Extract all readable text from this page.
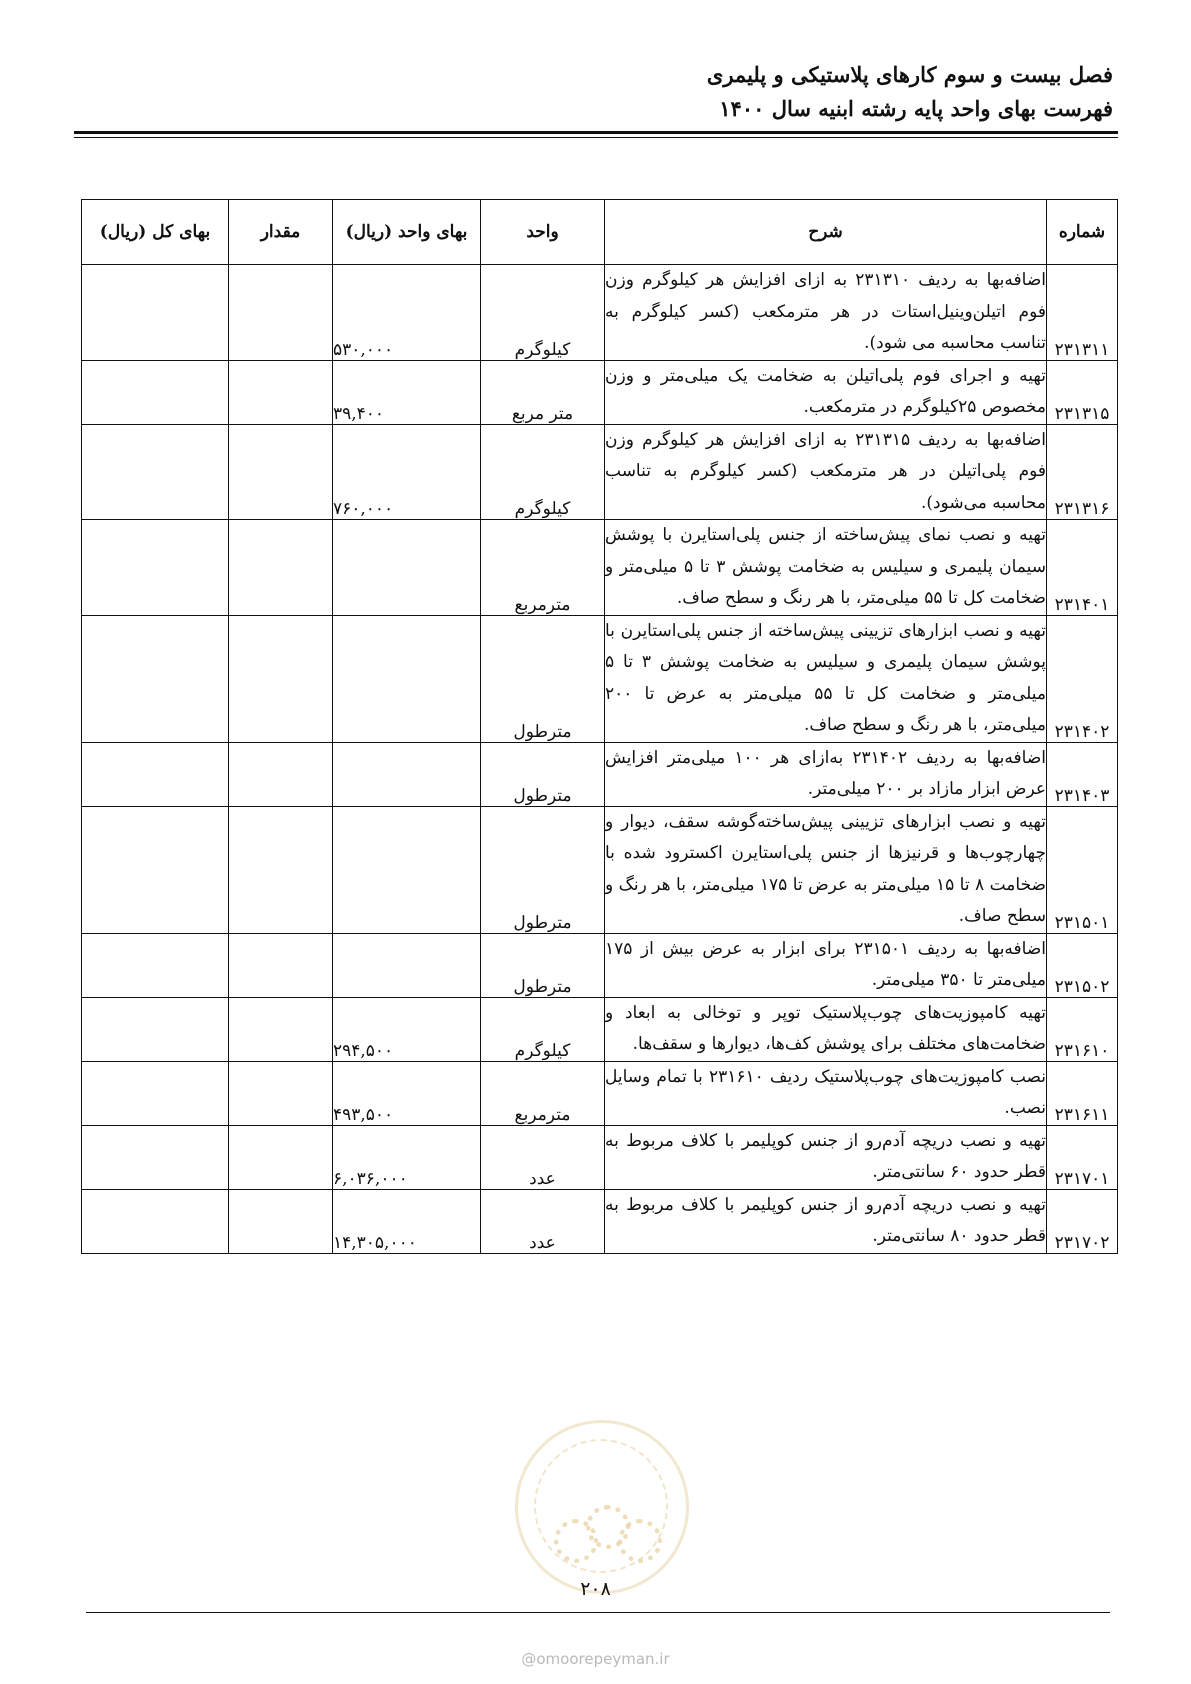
فصل بیست و سوم کارهای پلاستیکی و پلیمری
فهرست بهای واحد پایه رشته ابنیه سال ۱۴۰۰
شماره	شرح	واحد	بهای واحد (ریال)	مقدار	بهای کل (ریال)
۲۳۱۳۱۱	اضافه‌بها به ردیف ۲۳۱۳۱۰ به ازای افزایش هر کیلوگرم وزن فوم اتیلن‌وینیل‌استات در هر مترمکعب (کسر کیلوگرم به تناسب محاسبه می شود).	کیلوگرم	۵۳۰,۰۰۰		
۲۳۱۳۱۵	تهیه و اجرای فوم پلی‌اتیلن به ضخامت یک میلی‌متر و وزن مخصوص ۲۵کیلوگرم در مترمکعب.	متر مربع	۳۹,۴۰۰		
۲۳۱۳۱۶	اضافه‌بها به ردیف ۲۳۱۳۱۵ به ازای افزایش هر کیلوگرم وزن فوم پلی‌اتیلن در هر مترمکعب (کسر کیلوگرم به تناسب محاسبه می‌شود).	کیلوگرم	۷۶۰,۰۰۰		
۲۳۱۴۰۱	تهیه و نصب نمای پیش‌ساخته از جنس پلی‌استایرن با پوشش سیمان پلیمری و سیلیس به ضخامت پوشش ۳ تا ۵ میلی‌متر و ضخامت کل تا ۵۵ میلی‌متر، با هر رنگ و سطح صاف.	مترمربع			
۲۳۱۴۰۲	تهیه و نصب ابزارهای تزیینی پیش‌ساخته از جنس پلی‌استایرن با پوشش سیمان پلیمری و سیلیس به ضخامت پوشش ۳ تا ۵ میلی‌متر و ضخامت کل تا ۵۵ میلی‌متر به عرض تا ۲۰۰ میلی‌متر، با هر رنگ و سطح صاف.	مترطول			
۲۳۱۴۰۳	اضافه‌بها به ردیف ۲۳۱۴۰۲ به‌ازای هر ۱۰۰ میلی‌متر افزایش عرض ابزار مازاد بر ۲۰۰ میلی‌متر.	مترطول			
۲۳۱۵۰۱	تهیه و نصب ابزارهای تزیینی پیش‌ساخته‌گوشه سقف، دیوار و چهارچوب‌ها و قرنیزها از جنس پلی‌استایرن اکسترود شده با ضخامت ۸ تا ۱۵ میلی‌متر به عرض تا ۱۷۵ میلی‌متر، با هر رنگ و سطح صاف.	مترطول			
۲۳۱۵۰۲	اضافه‌بها به ردیف ۲۳۱۵۰۱ برای ابزار به عرض بیش از ۱۷۵ میلی‌متر تا ۳۵۰ میلی‌متر.	مترطول			
۲۳۱۶۱۰	تهیه کامپوزیت‌های چوب‌پلاستیک توپر و توخالی به ابعاد و ضخامت‌های مختلف برای پوشش کف‌ها، دیوارها و سقف‌ها.	کیلوگرم	۲۹۴,۵۰۰		
۲۳۱۶۱۱	نصب کامپوزیت‌های چوب‌پلاستیک ردیف ۲۳۱۶۱۰ با تمام وسایل نصب.	مترمربع	۴۹۳,۵۰۰		
۲۳۱۷۰۱	تهیه و نصب دریچه آدم‌رو از جنس کوپلیمر با کلاف مربوط به قطر حدود ۶۰ سانتی‌متر.	عدد	۶,۰۳۶,۰۰۰		
۲۳۱۷۰۲	تهیه و نصب دریچه آدم‌رو از جنس کوپلیمر با کلاف مربوط به قطر حدود ۸۰ سانتی‌متر.	عدد	۱۴,۳۰۵,۰۰۰		
۲۰۸
@omoorepeyman.ir
